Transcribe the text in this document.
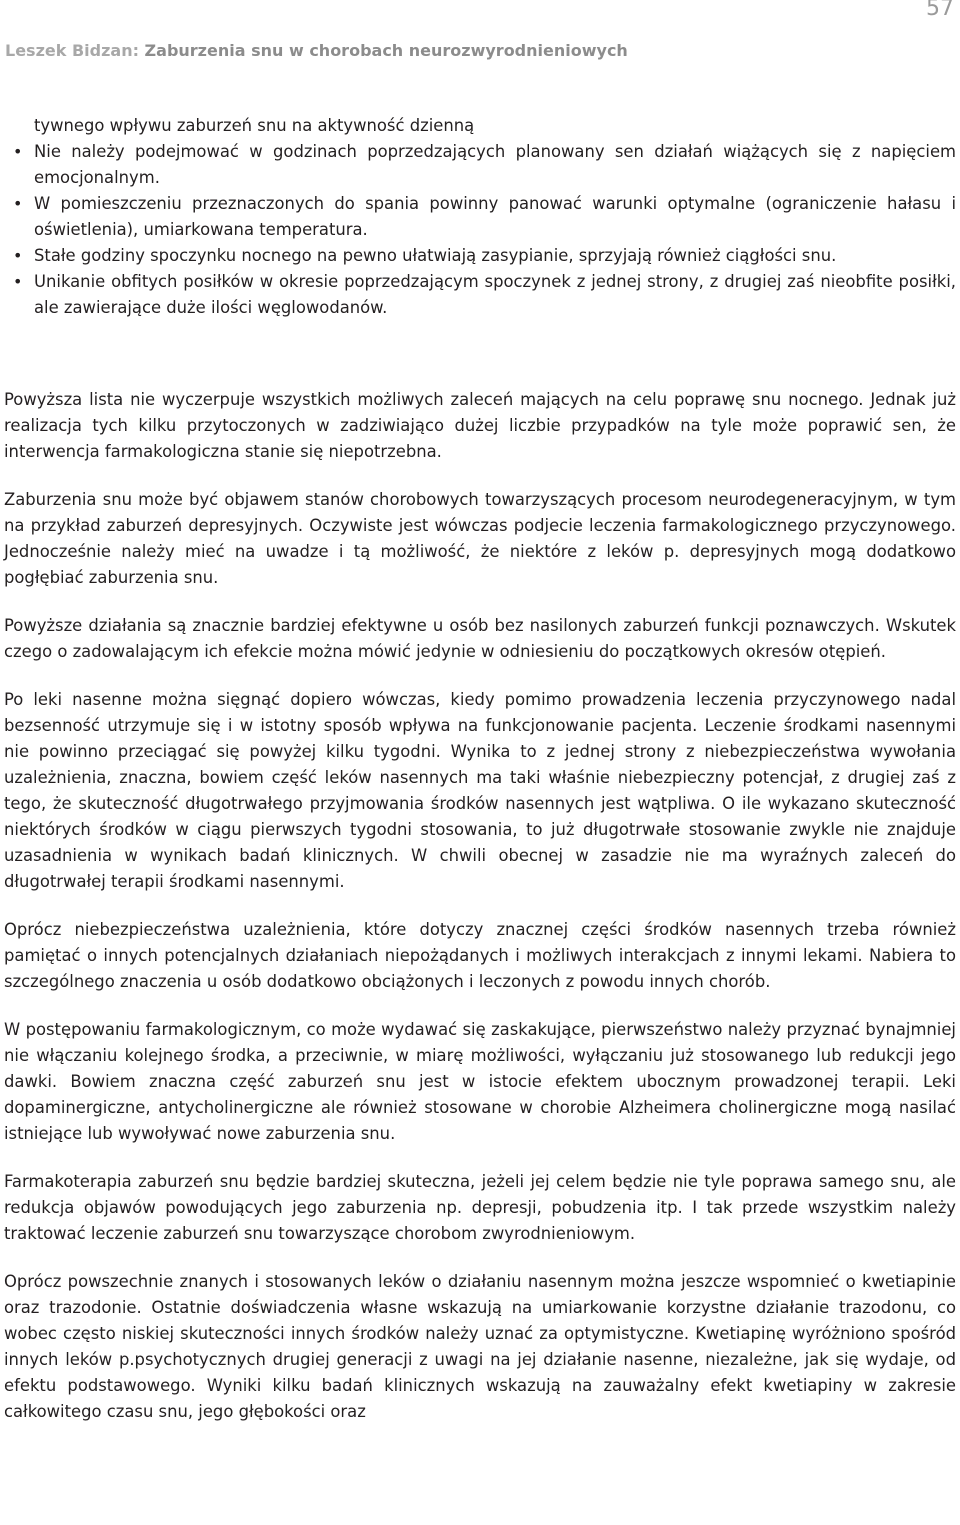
57
Leszek Bidzan: Zaburzenia snu w chorobach neurozwyrodnieniowych
tywnego wpływu zaburzeń snu na aktywność dzienną
• Nie należy podejmować w godzinach poprzedzających planowany sen działań wiążących się z napięciem emocjonalnym.
• W pomieszczeniu przeznaczonych do spania powinny panować warunki optymalne (ograniczenie hałasu i oświetlenia), umiarkowana temperatura.
• Stałe godziny spoczynku nocnego na pewno ułatwiają zasypianie, sprzyjają również ciągłości snu.
• Unikanie obfitych posiłków w okresie poprzedzającym spoczynek z jednej strony, z drugiej zaś nieobfite posiłki, ale zawierające duże ilości węglowodanów.

Powyższa lista nie wyczerpuje wszystkich możliwych zaleceń mających na celu poprawę snu nocnego. Jednak już realizacja tych kilku przytoczonych w zadziwiająco dużej liczbie przypadków na tyle może poprawić sen, że interwencja farmakologiczna stanie się niepotrzebna.

Zaburzenia snu może być objawem stanów chorobowych towarzyszących procesom neurodegeneracyjnym, w tym na przykład zaburzeń depresyjnych. Oczywiste jest wówczas podjecie leczenia farmakologicznego przyczynowego. Jednocześnie należy mieć na uwadze i tą możliwość, że niektóre z leków p. depresyjnych mogą dodatkowo pogłębiać zaburzenia snu.

Powyższe działania są znacznie bardziej efektywne u osób bez nasilonych zaburzeń funkcji poznawczych. Wskutek czego o zadowalającym ich efekcie można mówić jedynie w odniesieniu do początkowych okresów otępień.

Po leki nasenne można sięgnąć dopiero wówczas, kiedy pomimo prowadzenia leczenia przyczynowego nadal bezsenność utrzymuje się i w istotny sposób wpływa na funkcjonowanie pacjenta. Leczenie środkami nasennymi nie powinno przeciągać się powyżej kilku tygodni. Wynika to z jednej strony z niebezpieczeństwa wywołania uzależnienia, znaczna, bowiem część leków nasennych ma taki właśnie niebezpieczny potencjał, z drugiej zaś z tego, że skuteczność długotrwałego przyjmowania środków nasennych jest wątpliwa. O ile wykazano skuteczność niektórych środków w ciągu pierwszych tygodni stosowania, to już długotrwałe stosowanie zwykle nie znajduje uzasadnienia w wynikach badań klinicznych. W chwili obecnej w zasadzie nie ma wyraźnych zaleceń do długotrwałej terapii środkami nasennymi.

Oprócz niebezpieczeństwa uzależnienia, które dotyczy znacznej części środków nasennych trzeba również pamiętać o innych potencjalnych działaniach niepożądanych i możliwych interakcjach z innymi lekami. Nabiera to szczególnego znaczenia u osób dodatkowo obciążonych i leczonych z powodu innych chorób.

W postępowaniu farmakologicznym, co może wydawać się zaskakujące, pierwszeństwo należy przyznać bynajmniej nie włączaniu kolejnego środka, a przeciwnie, w miarę możliwości, wyłączaniu już stosowanego lub redukcji jego dawki. Bowiem znaczna część zaburzeń snu jest w istocie efektem ubocznym prowadzonej terapii. Leki dopaminergiczne, antycholinergiczne ale również stosowane w chorobie Alzheimera cholinergiczne mogą nasilać istniejące lub wywoływać nowe zaburzenia snu.

Farmakoterapia zaburzeń snu będzie bardziej skuteczna, jeżeli jej celem będzie nie tyle poprawa samego snu, ale redukcja objawów powodujących jego zaburzenia np. depresji, pobudzenia itp. I tak przede wszystkim należy traktować leczenie zaburzeń snu towarzyszące chorobom zwyrodnieniowym.

Oprócz powszechnie znanych i stosowanych leków o działaniu nasennym można jeszcze wspomnieć o kwetiapinie oraz trazodonie. Ostatnie doświadczenia własne wskazują na umiarkowanie korzystne działanie trazodonu, co wobec często niskiej skuteczności innych środków należy uznać za optymistyczne. Kwetiapinę wyróżniono spośród innych leków p.psychotycznych drugiej generacji z uwagi na jej działanie nasenne, niezależne, jak się wydaje, od efektu podstawowego. Wyniki kilku badań klinicznych wskazują na zauważalny efekt kwetiapiny w zakresie całkowitego czasu snu, jego głębokości oraz
